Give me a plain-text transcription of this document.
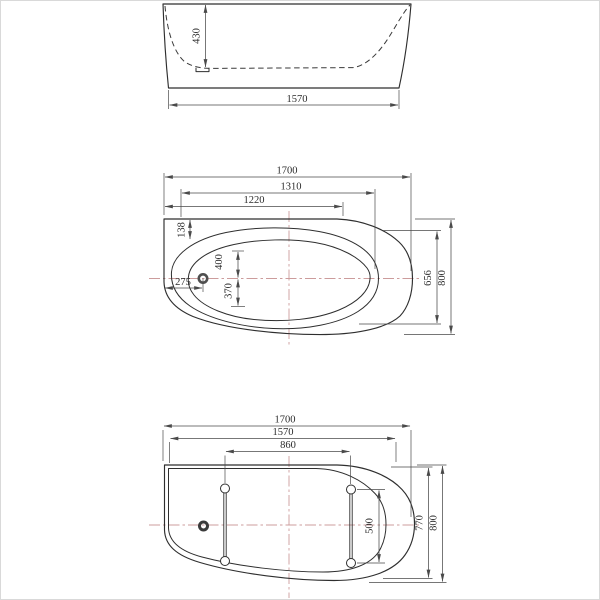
430
1570
1700
1310
1220
138
400
370
275	656 800
1700
1570
860
500	770 800
